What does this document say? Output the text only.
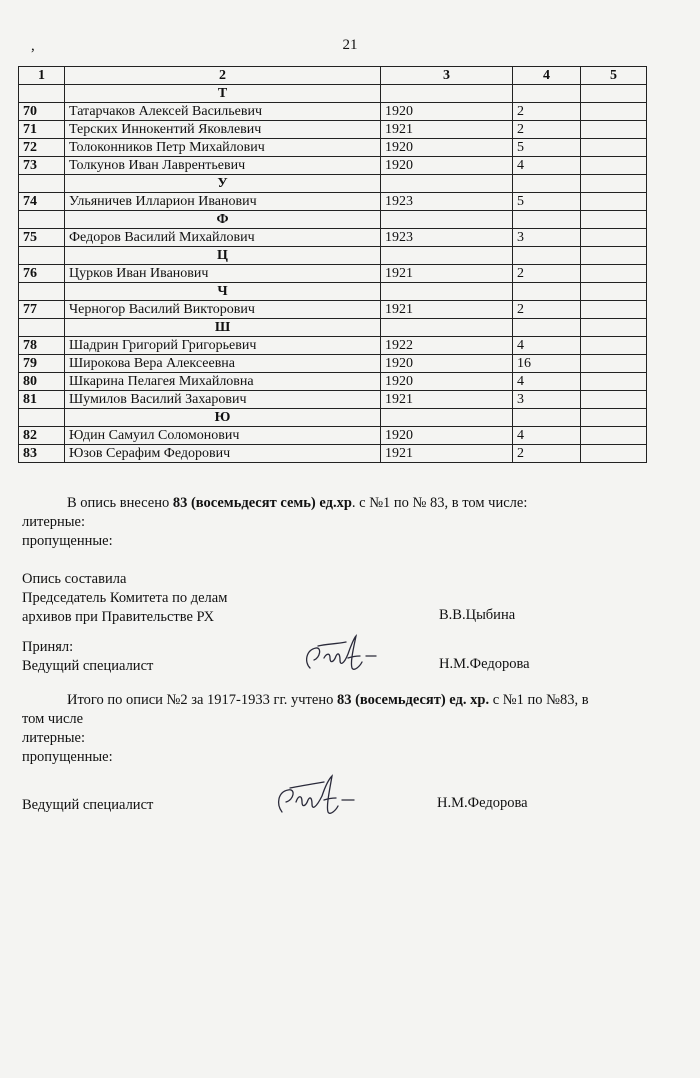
,	21
1	2	3	4	5
	Т			
70	Татарчаков Алексей Васильевич	1920	2	
71	Терских Иннокентий Яковлевич	1921	2	
72	Толоконников Петр Михайлович	1920	5	
73	Толкунов Иван Лаврентьевич	1920	4	
	У			
74	Ульяничев Илларион Иванович	1923	5	
	Ф			
75	Федоров Василий Михайлович	1923	3	
	Ц			
76	Цурков Иван Иванович	1921	2	
	Ч			
77	Черногор Василий Викторович	1921	2	
	Ш			
78	Шадрин Григорий Григорьевич	1922	4	
79	Широкова Вера Алексеевна	1920	16	
80	Шкарина Пелагея Михайловна	1920	4	
81	Шумилов Василий Захарович	1921	3	
	Ю			
82	Юдин Самуил Соломонович	1920	4	
83	Юзов Серафим Федорович	1921	2	
В опись внесено 83 (восемьдесят семь) ед.хр. с №1 по № 83, в том числе:
литерные:
пропущенные:
Опись составила
Председатель Комитета по делам
архивов при Правительстве РХ	В.В.Цыбина
Принял:
Ведущий специалист	Н.М.Федорова
Итого по описи №2 за 1917-1933 гг. учтено 83 (восемьдесят) ед. хр. с №1 по №83, в
том числе
литерные:
пропущенные:
Ведущий специалист	Н.М.Федорова
